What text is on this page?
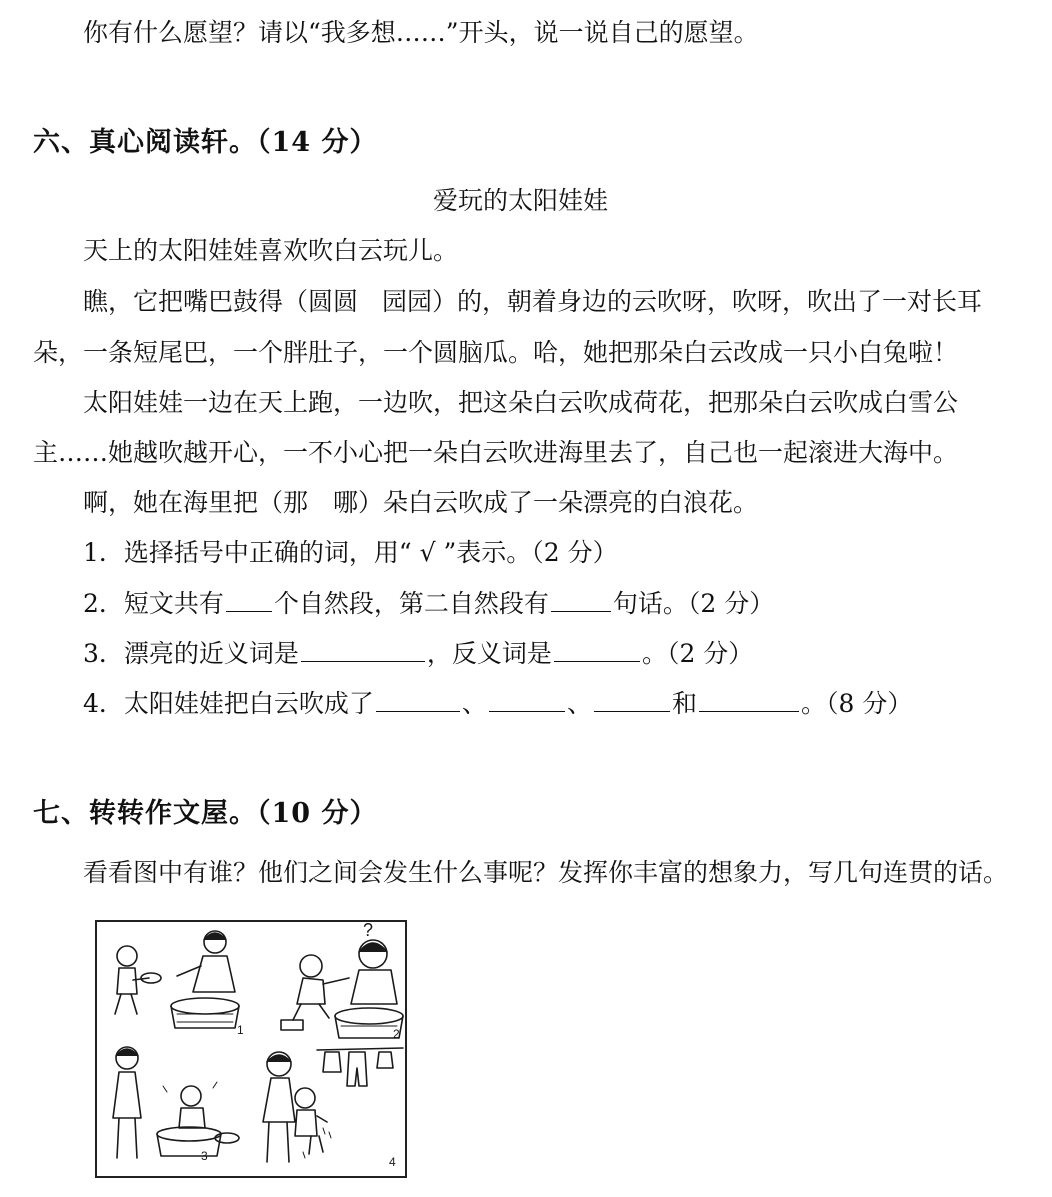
你有什么愿望？请以“我多想……”开头，说一说自己的愿望。
六、真心阅读轩。（14 分）
爱玩的太阳娃娃
天上的太阳娃娃喜欢吹白云玩儿。
瞧，它把嘴巴鼓得（圆圆 园园）的，朝着身边的云吹呀，吹呀，吹出了一对长耳
朵，一条短尾巴，一个胖肚子，一个圆脑瓜。哈，她把那朵白云改成一只小白兔啦！
太阳娃娃一边在天上跑，一边吹，把这朵白云吹成荷花，把那朵白云吹成白雪公
主……她越吹越开心，一不小心把一朵白云吹进海里去了，自己也一起滚进大海中。
啊，她在海里把（那　哪）朵白云吹成了一朵漂亮的白浪花。
1．选择括号中正确的词，用“ √ ”表示。（2 分）
2．短文共有 个自然段，第二自然段有	句话。（2 分）
3．漂亮的近义词是	，反义词是	。（2 分）
4．太阳娃娃把白云吹成了	、	、	和	。（8 分）
七、转转作文屋。（10 分）
看看图中有谁？他们之间会发生什么事呢？发挥你丰富的想象力，写几句连贯的话。
1
?
2
3	4
